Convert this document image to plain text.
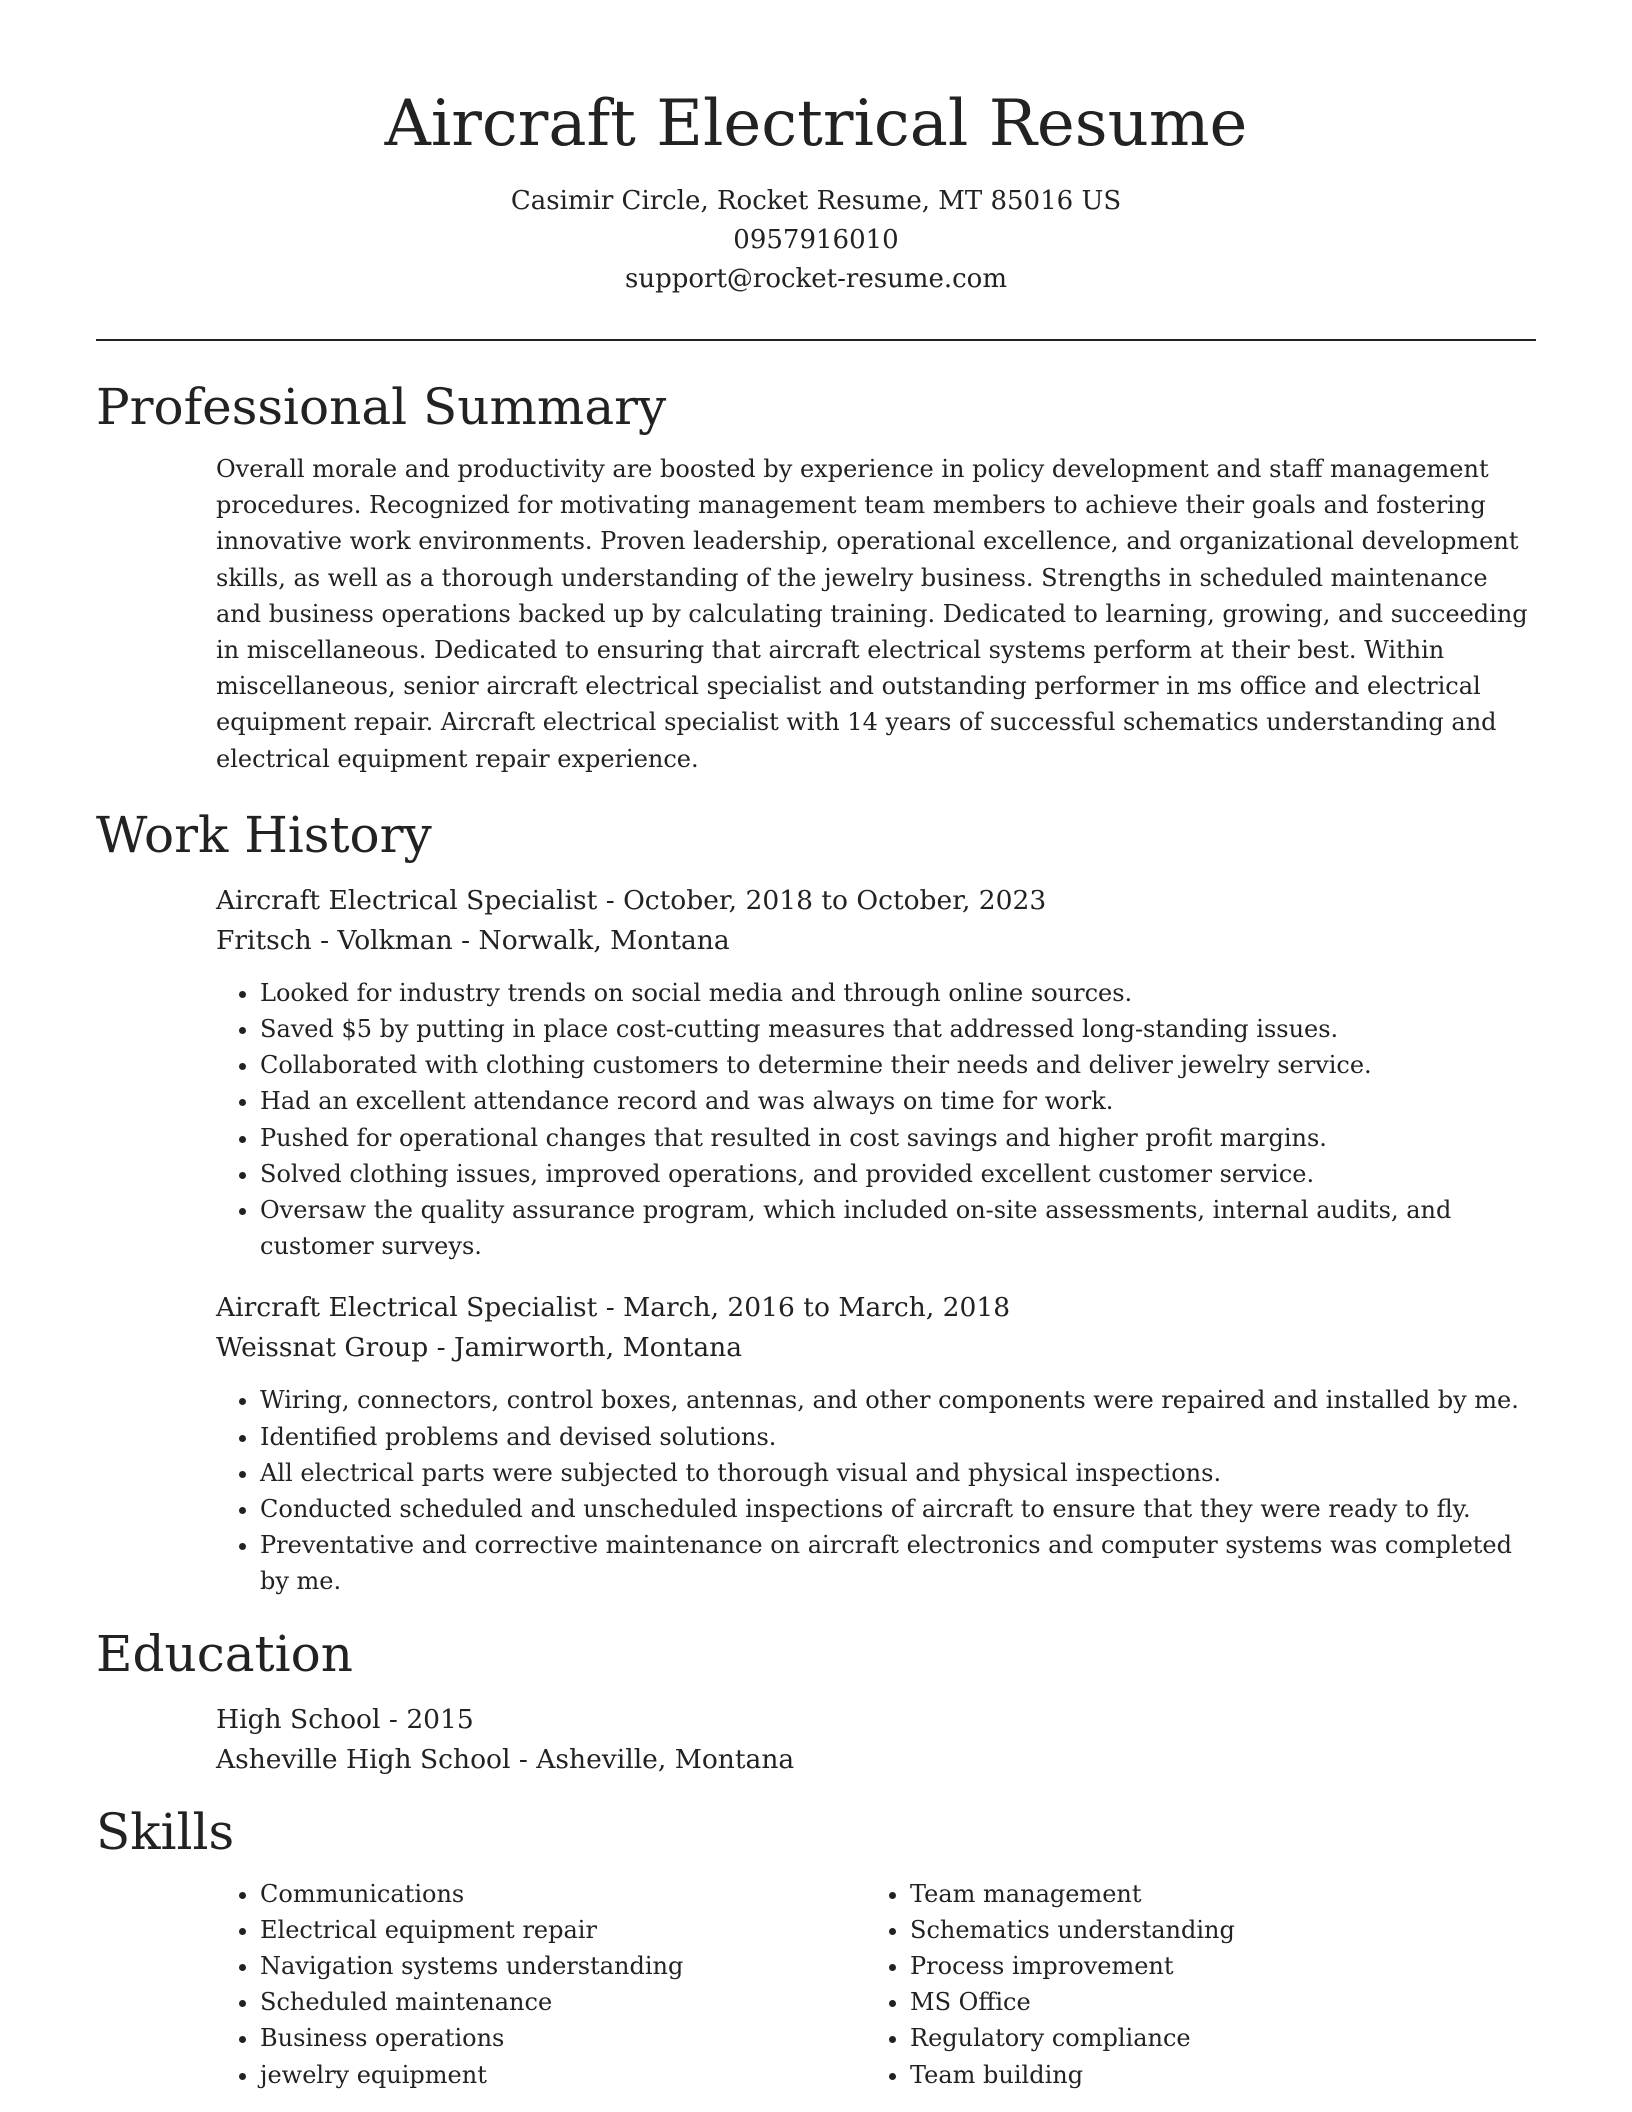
Aircraft Electrical Resume
Casimir Circle, Rocket Resume, MT 85016 US
0957916010
support@rocket-resume.com
Professional Summary

Overall morale and productivity are boosted by experience in policy development and staff management procedures. Recognized for motivating management team members to achieve their goals and fostering innovative work environments. Proven leadership, operational excellence, and organizational development skills, as well as a thorough understanding of the jewelry business. Strengths in scheduled maintenance and business operations backed up by calculating training. Dedicated to learning, growing, and succeeding in miscellaneous. Dedicated to ensuring that aircraft electrical systems perform at their best. Within miscellaneous, senior aircraft electrical specialist and outstanding performer in ms office and electrical equipment repair. Aircraft electrical specialist with 14 years of successful schematics understanding and electrical equipment repair experience.

Work History
Aircraft Electrical Specialist - October, 2018 to October, 2023
Fritsch - Volkman - Norwalk, Montana
• Looked for industry trends on social media and through online sources.
• Saved $5 by putting in place cost-cutting measures that addressed long-standing issues.
• Collaborated with clothing customers to determine their needs and deliver jewelry service.
• Had an excellent attendance record and was always on time for work.
• Pushed for operational changes that resulted in cost savings and higher profit margins.
• Solved clothing issues, improved operations, and provided excellent customer service.
• Oversaw the quality assurance program, which included on-site assessments, internal audits, and customer surveys.
Aircraft Electrical Specialist - March, 2016 to March, 2018
Weissnat Group - Jamirworth, Montana
• Wiring, connectors, control boxes, antennas, and other components were repaired and installed by me.
• Identified problems and devised solutions.
• All electrical parts were subjected to thorough visual and physical inspections.
• Conducted scheduled and unscheduled inspections of aircraft to ensure that they were ready to fly.
• Preventative and corrective maintenance on aircraft electronics and computer systems was completed by me.
Education
High School - 2015
Asheville High School - Asheville, Montana
Skills
• Communications
• Electrical equipment repair
• Navigation systems understanding
• Scheduled maintenance
• Business operations
• jewelry equipment
• Team management
• Schematics understanding
• Process improvement
• MS Office
• Regulatory compliance
• Team building
